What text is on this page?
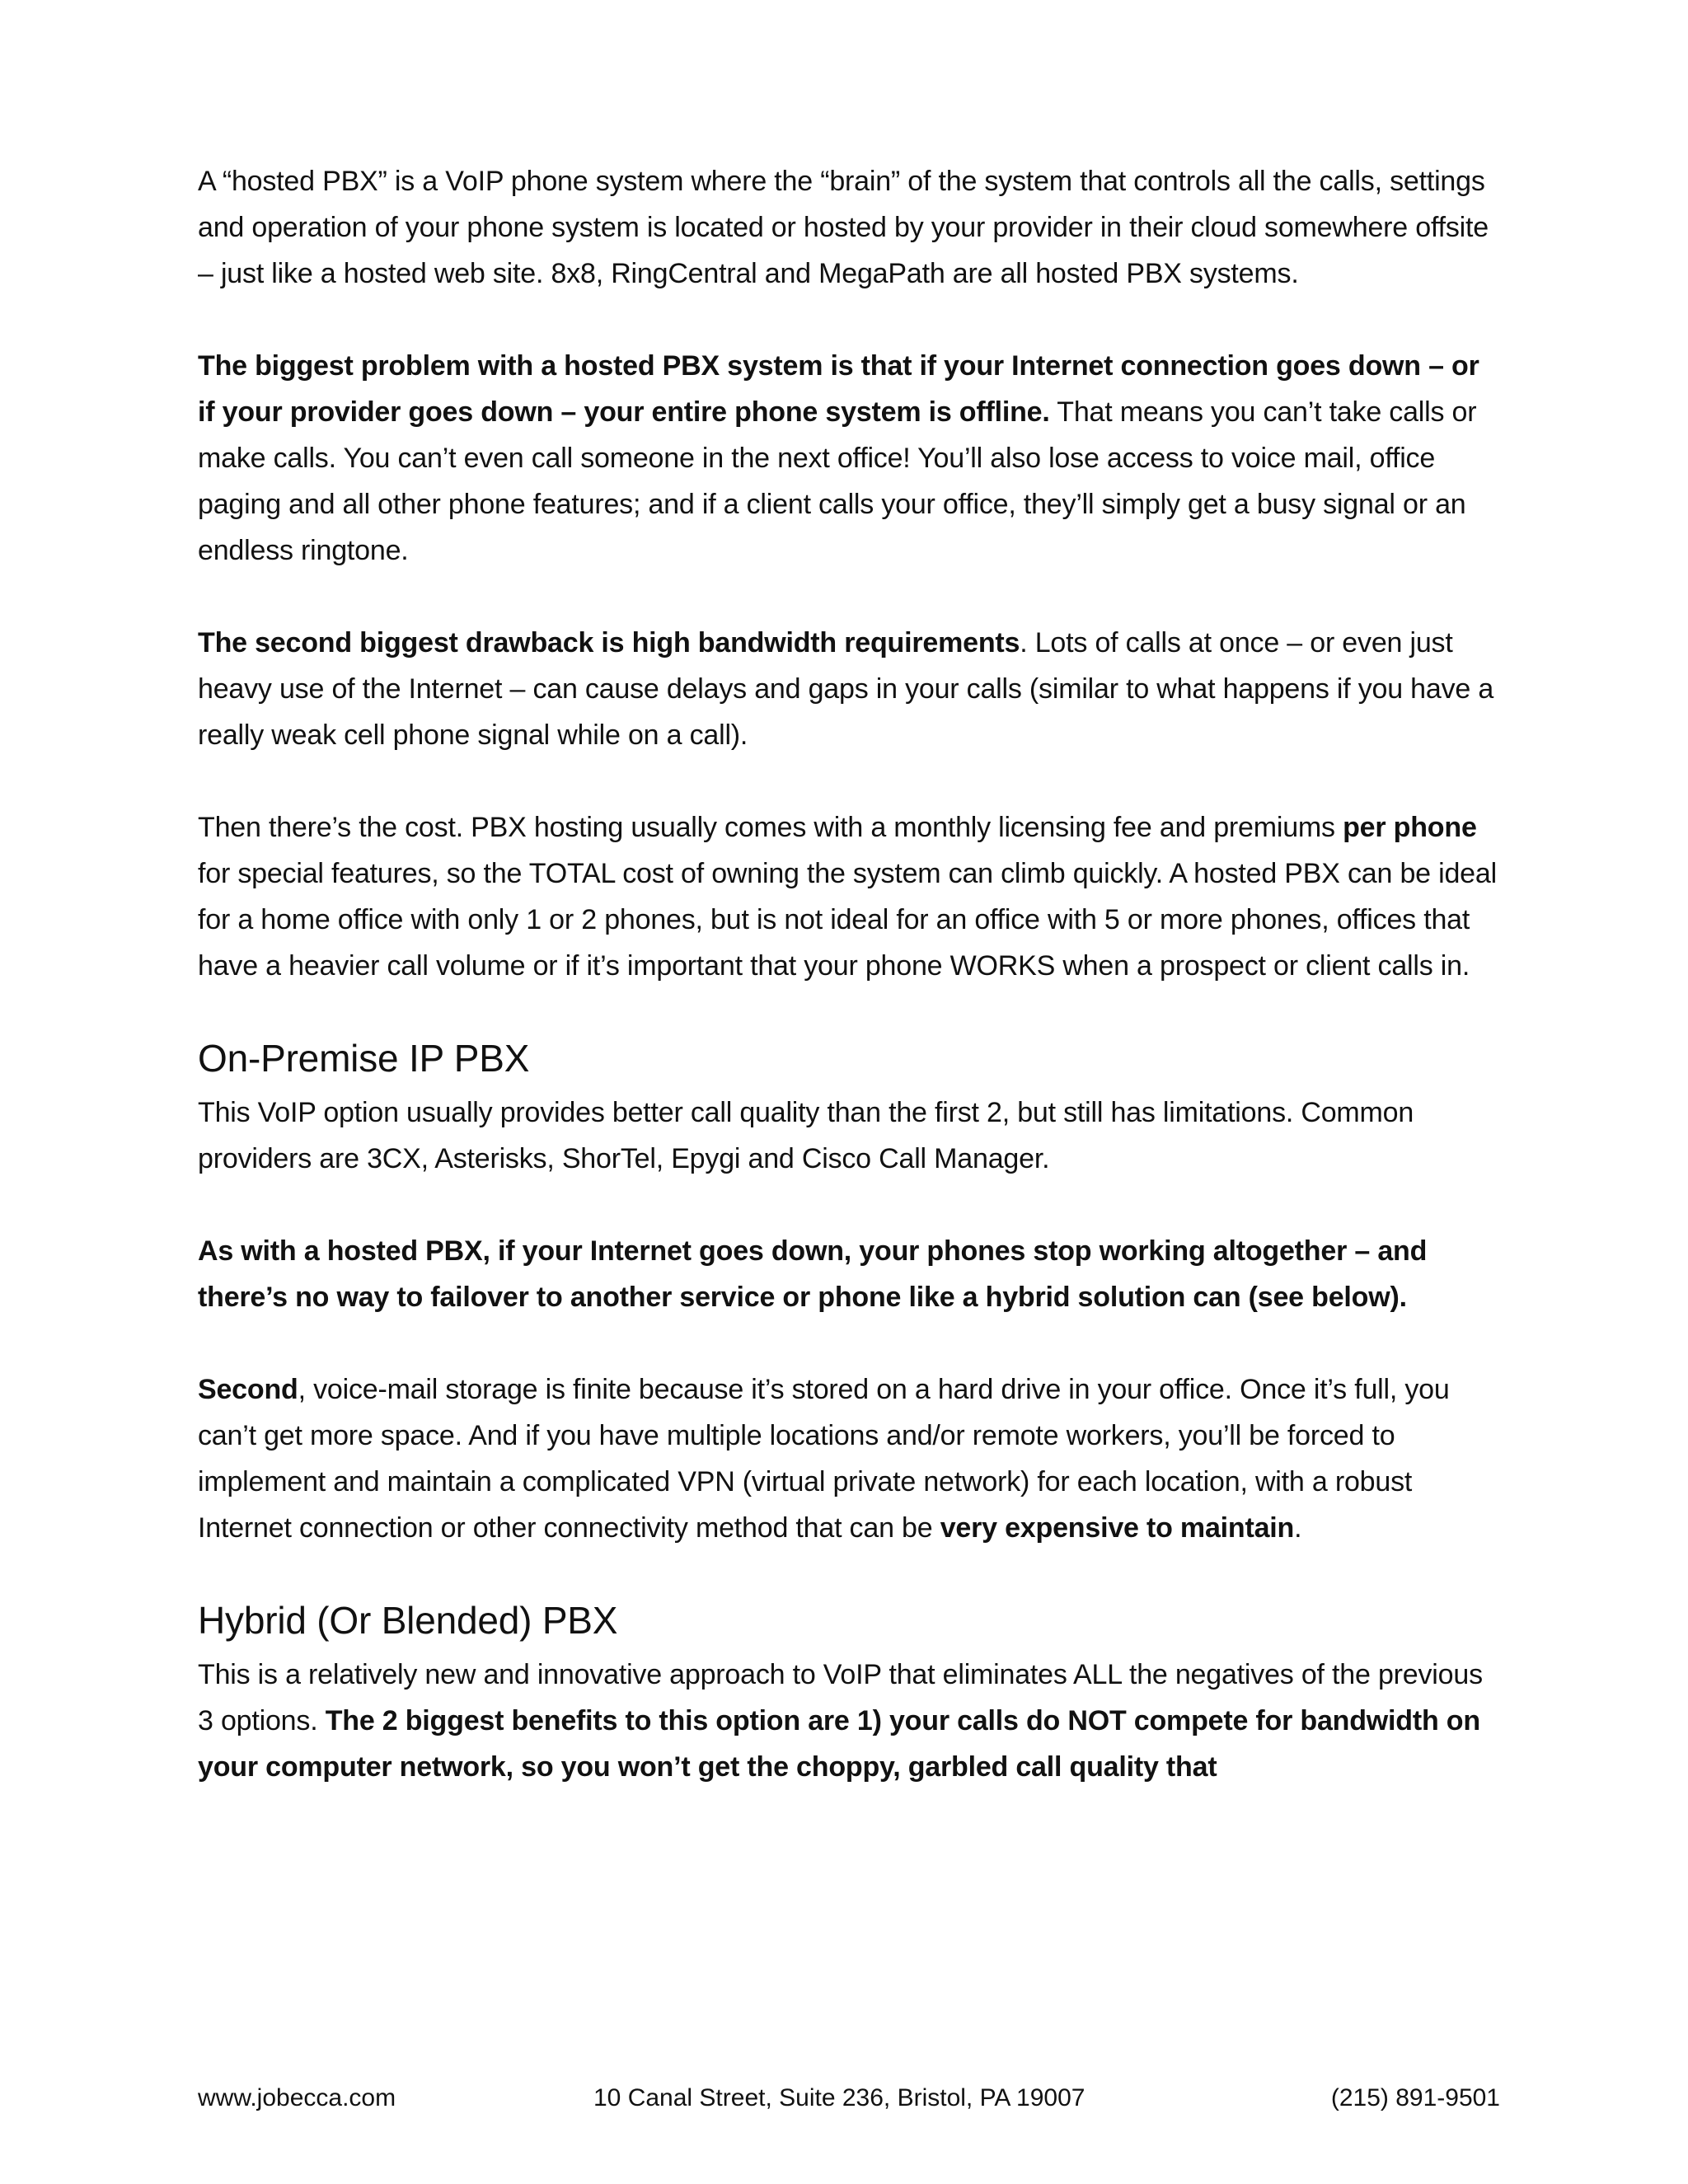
A “hosted PBX” is a VoIP phone system where the “brain” of the system that controls all the calls, settings and operation of your phone system is located or hosted by your provider in their cloud somewhere offsite – just like a hosted web site. 8x8, RingCentral and MegaPath are all hosted PBX systems.

The biggest problem with a hosted PBX system is that if your Internet connection goes down – or if your provider goes down – your entire phone system is offline. That means you can’t take calls or make calls. You can’t even call someone in the next office! You’ll also lose access to voice mail, office paging and all other phone features; and if a client calls your office, they’ll simply get a busy signal or an endless ringtone.

The second biggest drawback is high bandwidth requirements. Lots of calls at once – or even just heavy use of the Internet – can cause delays and gaps in your calls (similar to what happens if you have a really weak cell phone signal while on a call).

Then there’s the cost. PBX hosting usually comes with a monthly licensing fee and premiums per phone for special features, so the TOTAL cost of owning the system can climb quickly. A hosted PBX can be ideal for a home office with only 1 or 2 phones, but is not ideal for an office with 5 or more phones, offices that have a heavier call volume or if it’s important that your phone WORKS when a prospect or client calls in.

On-Premise IP PBX

This VoIP option usually provides better call quality than the first 2, but still has limitations. Common providers are 3CX, Asterisks, ShorTel, Epygi and Cisco Call Manager.

As with a hosted PBX, if your Internet goes down, your phones stop working altogether – and there’s no way to failover to another service or phone like a hybrid solution can (see below).

Second, voice-mail storage is finite because it’s stored on a hard drive in your office. Once it’s full, you can’t get more space. And if you have multiple locations and/or remote workers, you’ll be forced to implement and maintain a complicated VPN (virtual private network) for each location, with a robust Internet connection or other connectivity method that can be very expensive to maintain.

Hybrid (Or Blended) PBX

This is a relatively new and innovative approach to VoIP that eliminates ALL the negatives of the previous 3 options. The 2 biggest benefits to this option are 1) your calls do NOT compete for bandwidth on your computer network, so you won’t get the choppy, garbled call quality that

www.jobecca.com	10 Canal Street, Suite 236, Bristol, PA 19007	(215) 891-9501
